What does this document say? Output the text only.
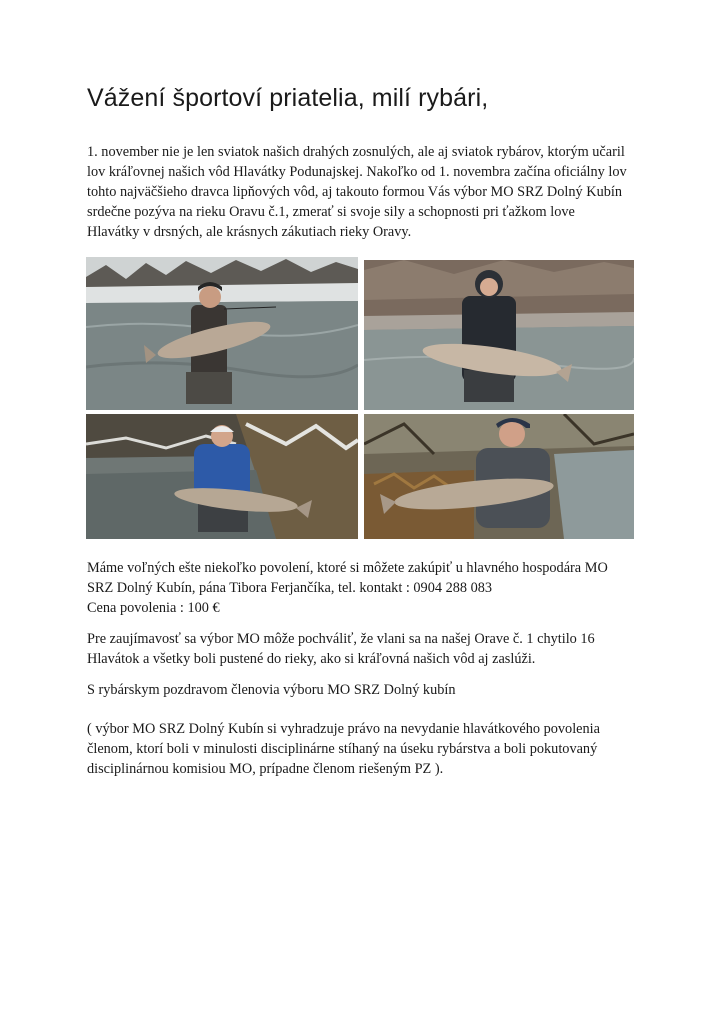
Vážení športoví priatelia, milí rybári,

1. november nie je len sviatok našich drahých zosnulých, ale aj sviatok rybárov, ktorým učaril
lov kráľovnej našich vôd Hlavátky Podunajskej. Nakoľko od 1. novembra začína oficiálny lov
tohto najväčšieho dravca lipňových vôd, aj takouto formou Vás výbor MO SRZ Dolný Kubín
srdečne pozýva na rieku Oravu č.1, zmerať si svoje sily a schopnosti pri ťažkom love
Hlavátky v drsných, ale krásnych zákutiach rieky Oravy.

Máme voľných ešte niekoľko povolení, ktoré si môžete zakúpiť u hlavného hospodára MO
SRZ Dolný Kubín, pána Tibora Ferjančíka, tel. kontakt : 0904 288 083
Cena povolenia : 100 €

Pre zaujímavosť sa výbor MO môže pochváliť, že vlani sa na našej Orave č. 1 chytilo 16
Hlavátok a všetky boli pustené do rieky, ako si kráľovná našich vôd aj zaslúži.

S rybárskym pozdravom členovia výboru MO SRZ Dolný kubín

( výbor MO SRZ Dolný Kubín si vyhradzuje právo na nevydanie hlavátkového povolenia
členom, ktorí boli v minulosti disciplinárne stíhaný na úseku rybárstva a boli pokutovaný
disciplinárnou komisiou MO, prípadne členom riešeným PZ ).
